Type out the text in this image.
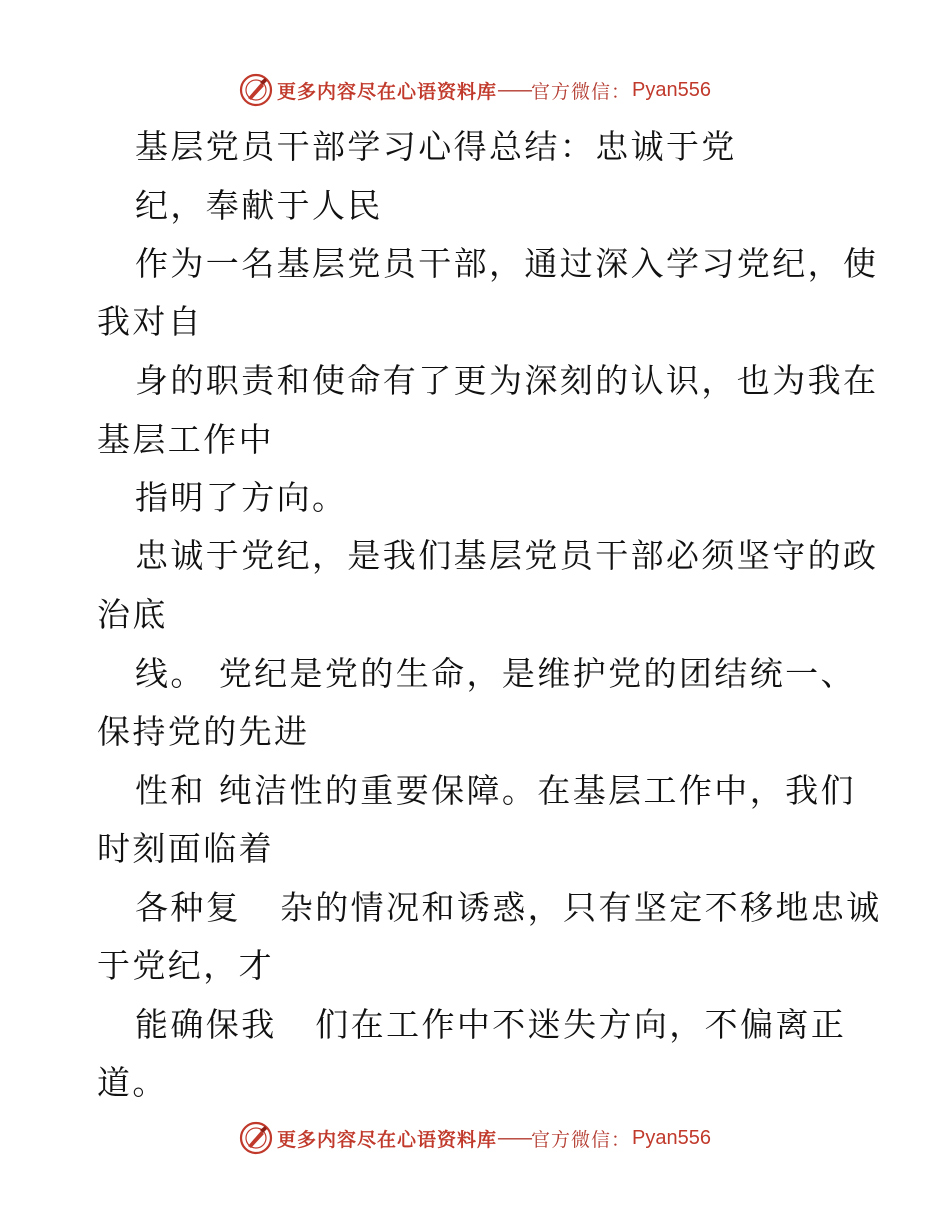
更多内容尽在心语资料库 —— 官方微信 ： Pyan556
基层党员干部学习心得总结：忠诚于党
纪，奉献于人民
作为一名基层党员干部，通过深入学习党纪，使
我对自
身的职责和使命有了更为深刻的认识，也为我在
基层工作中
指明了方向。
忠诚于党纪，是我们基层党员干部必须坚守的政
治底
线。 党纪是党的生命，是维护党的团结统一、
保持党的先进
性和 纯洁性的重要保障。在基层工作中，我们
时刻面临着
各种复   杂的情况和诱惑，只有坚定不移地忠诚
于党纪，才
能确保我   们在工作中不迷失方向，不偏离正
道。
更多内容尽在心语资料库 —— 官方微信 ： Pyan556
